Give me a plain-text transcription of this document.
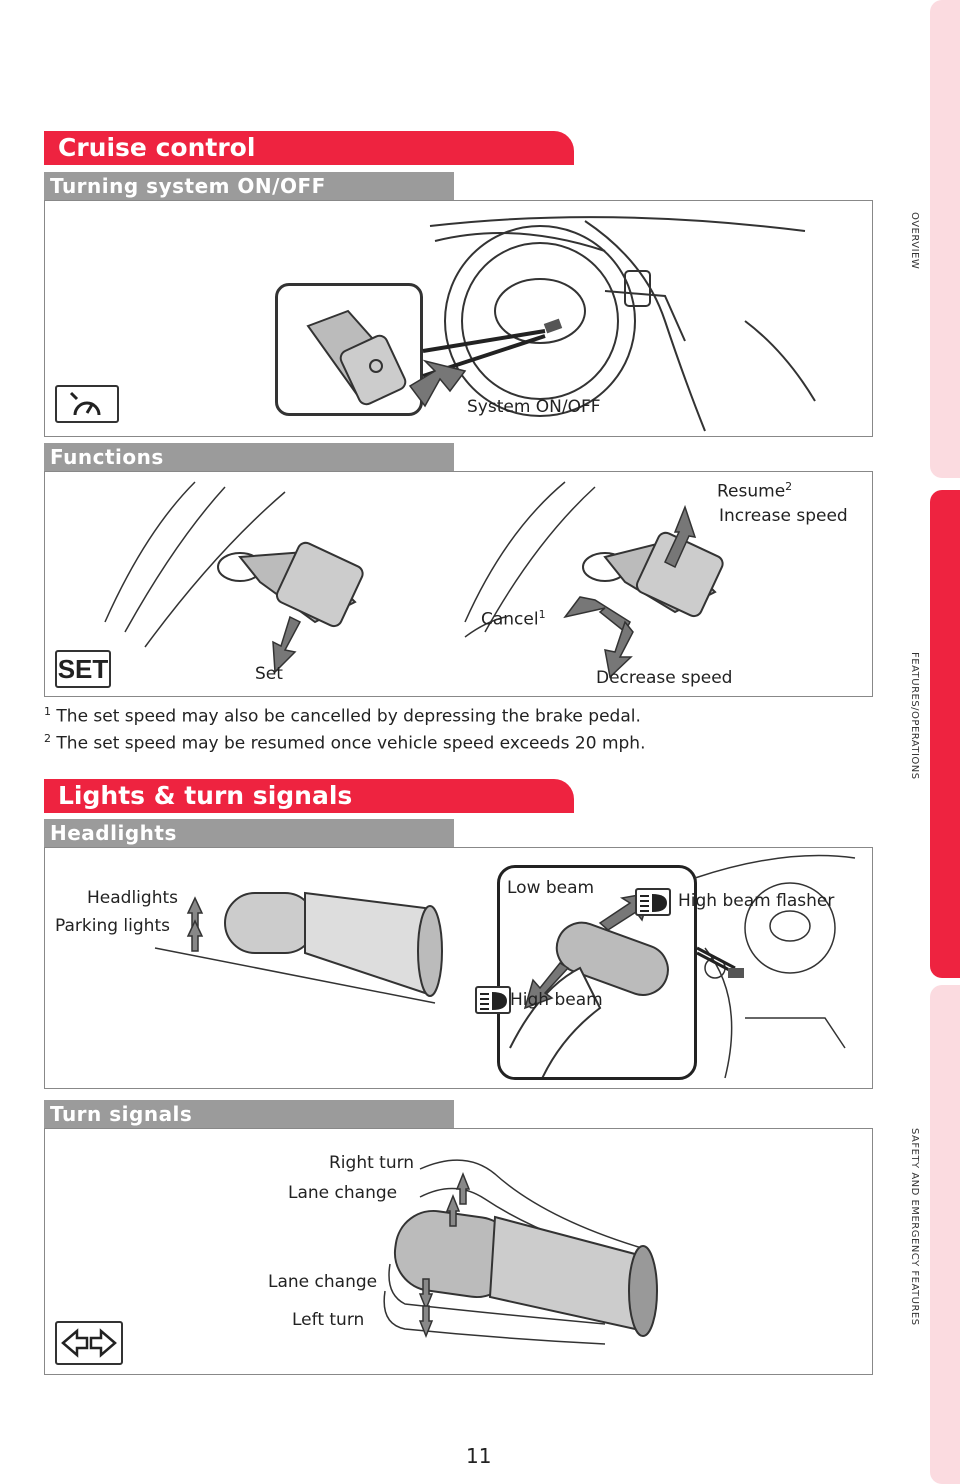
OVERVIEW
FEATURES/OPERATIONS
SAFETY AND EMERGENCY FEATURES
Cruise control
Turning system ON/OFF
System ON/OFF
Functions
Set
Resume$^2$
Increase speed
Cancel$^1$
Decrease speed
SET
$^1$ The set speed may also be cancelled by depressing the brake pedal.
$^2$ The set speed may be resumed once vehicle speed exceeds 20 mph.
Lights & turn signals
Headlights
Headlights
Parking lights
Low beam
High beam flasher
High beam
Turn signals
Right turn
Lane change
Lane change
Left turn
11
